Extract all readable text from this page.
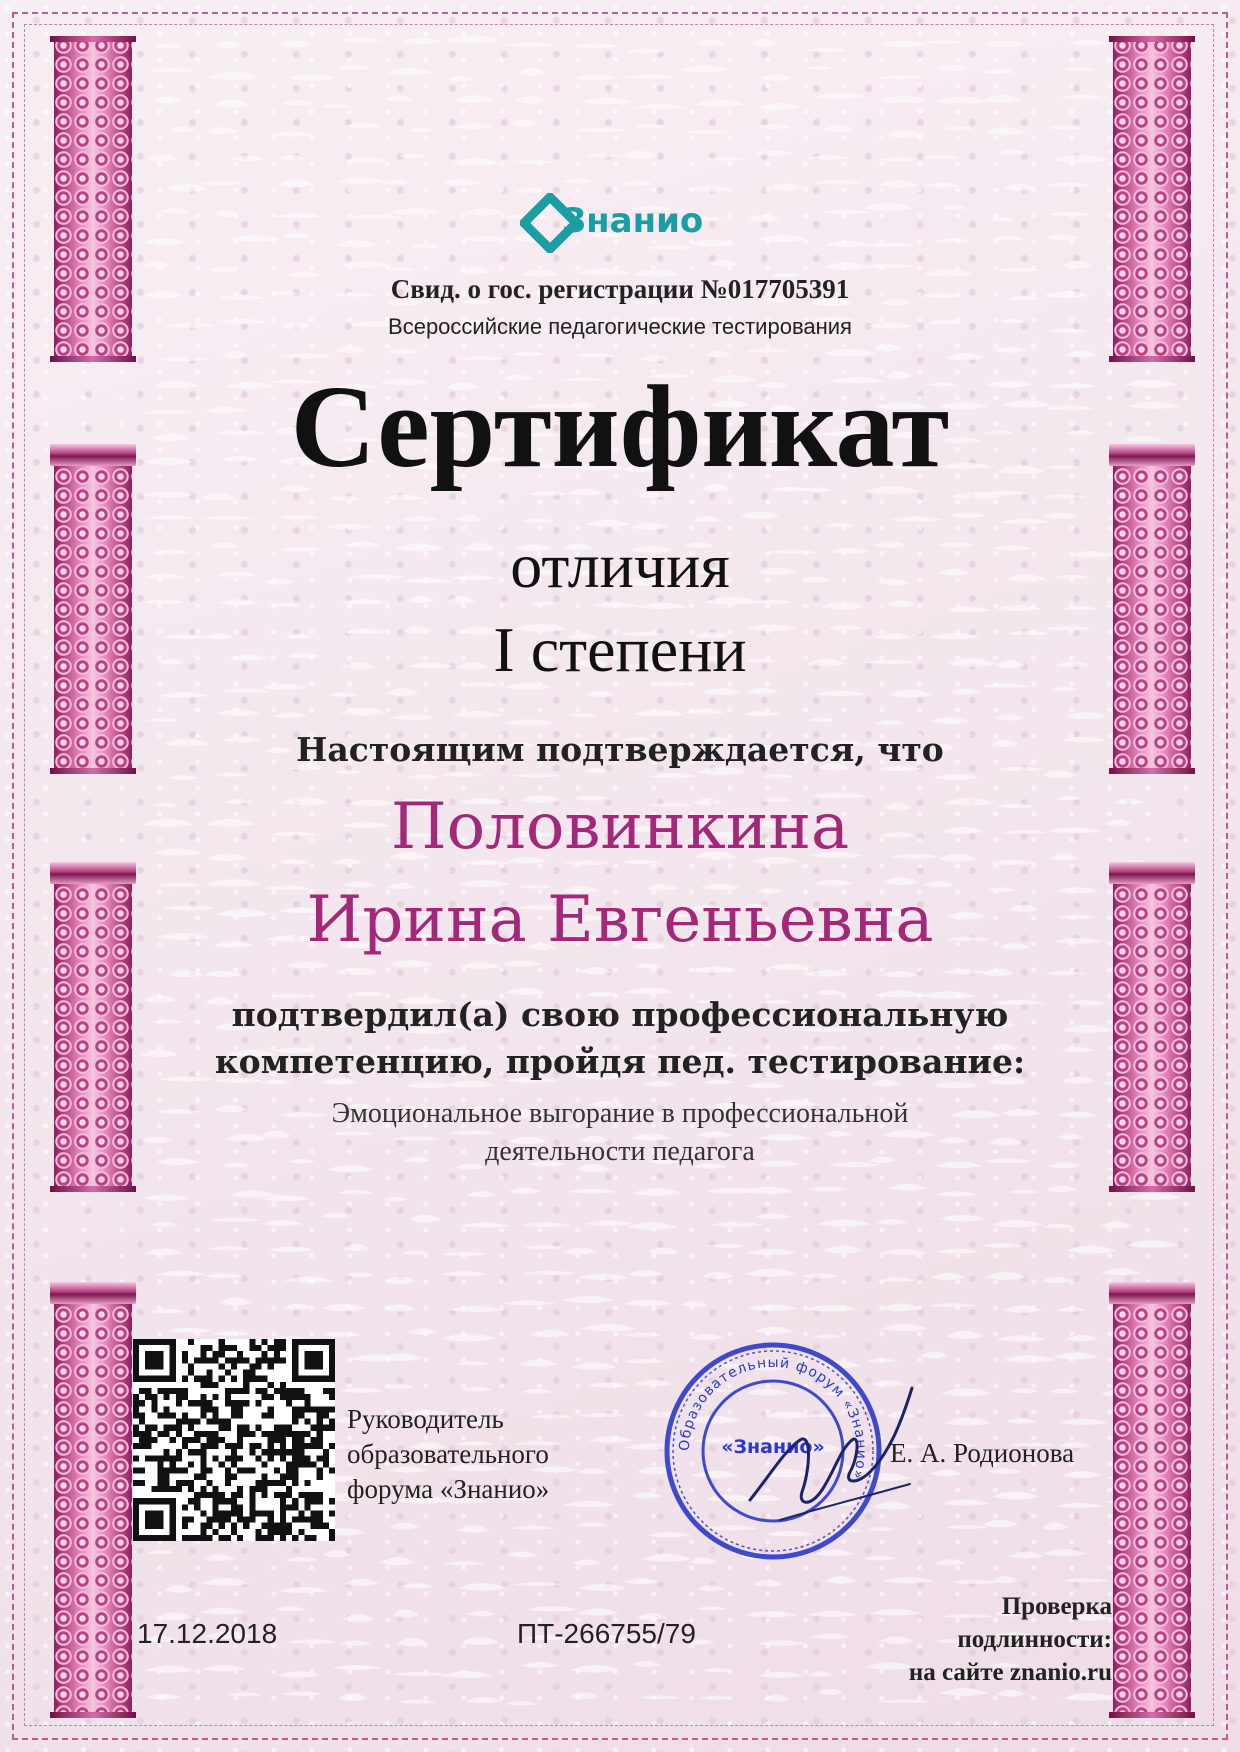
Знанио
Свид. о гос. регистрации №017705391
Всероссийские педагогические тестирования
Сертификат
отличия
I степени
Настоящим подтверждается, что
Половинкина
Ирина Евгеньевна
подтвердил(а) свою профессиональную
компетенцию, пройдя пед. тестирование:
Эмоциональное выгорание в профессиональной
деятельности педагога
Руководитель
образовательного
форума «Знанио»
Образовательный форум «Знанио»
«Знанио» Е. А. Родионова
17.12.2018	ПТ-266755/79
Проверка
подлинности:
на сайте znanio.ru
